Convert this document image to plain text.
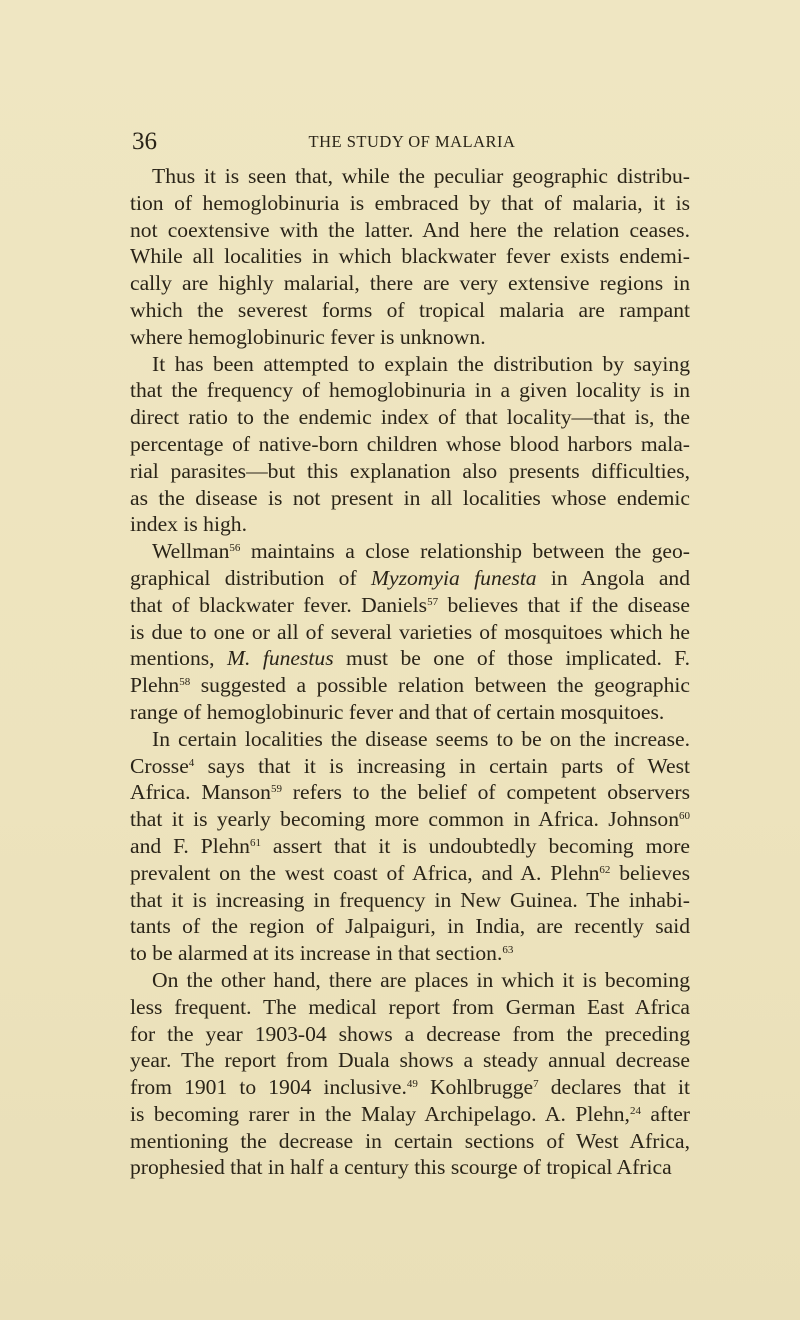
36	THE STUDY OF MALARIA
Thus it is seen that, while the peculiar geographic distribu-
tion of hemoglobinuria is embraced by that of malaria, it is
not coextensive with the latter. And here the relation ceases.
While all localities in which blackwater fever exists endemi-
cally are highly malarial, there are very extensive regions in
which the severest forms of tropical malaria are rampant
where hemoglobinuric fever is unknown.
It has been attempted to explain the distribution by saying
that the frequency of hemoglobinuria in a given locality is in
direct ratio to the endemic index of that locality—that is, the
percentage of native-born children whose blood harbors mala-
rial parasites—but this explanation also presents difficulties,
as the disease is not present in all localities whose endemic
index is high.
Wellman$^{56}$ maintains a close relationship between the geo-
graphical distribution of Myzomyia funesta in Angola and
that of blackwater fever. Daniels$^{57}$ believes that if the disease
is due to one or all of several varieties of mosquitoes which he
mentions, M. funestus must be one of those implicated. F.
Plehn$^{58}$ suggested a possible relation between the geographic
range of hemoglobinuric fever and that of certain mosquitoes.
In certain localities the disease seems to be on the increase.
Crosse$^4$ says that it is increasing in certain parts of West
Africa. Manson$^{59}$ refers to the belief of competent observers
that it is yearly becoming more common in Africa. Johnson$^{60}$
and F. Plehn$^{61}$ assert that it is undoubtedly becoming more
prevalent on the west coast of Africa, and A. Plehn$^{62}$ believes
that it is increasing in frequency in New Guinea. The inhabi-
tants of the region of Jalpaiguri, in India, are recently said
to be alarmed at its increase in that section.$^{63}$
On the other hand, there are places in which it is becoming
less frequent. The medical report from German East Africa
for the year 1903-04 shows a decrease from the preceding
year. The report from Duala shows a steady annual decrease
from 1901 to 1904 inclusive.$^{49}$ Kohlbrugge$^7$ declares that it
is becoming rarer in the Malay Archipelago. A. Plehn,$^{24}$ after
mentioning the decrease in certain sections of West Africa,
prophesied that in half a century this scourge of tropical Africa
